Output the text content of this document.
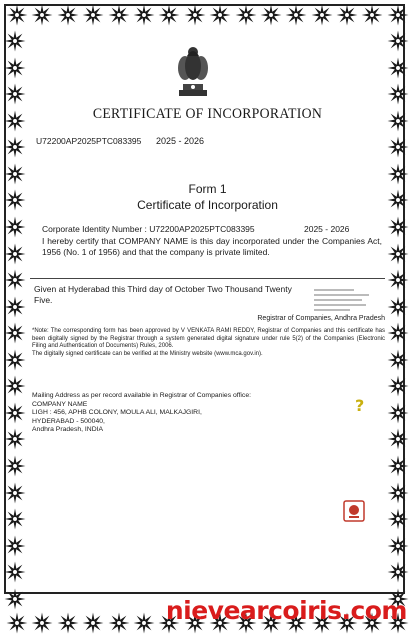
CERTIFICATE OF INCORPORATION
U72200AP2025PTC083395 2025 - 2026
Form 1
Certificate of Incorporation
Corporate Identity Number : U72200AP2025PTC083395	2025 - 2026
I hereby certify that COMPANY NAME is this day incorporated under the Companies Act, 1956 (No. 1 of 1956) and that the company is private limited.
Given at Hyderabad this Third day of October Two Thousand Twenty Five.
Registrar of Companies, Andhra Pradesh
*Note: The corresponding form has been approved by V VENKATA RAMI REDDY, Registrar of Companies and this certificate has been digitally signed by the Registrar through a system generated digital signature under rule 5(2) of the Companies (Electronic Filing and Authentication of Documents) Rules, 2006.
The digitally signed certificate can be verified at the Ministry website (www.mca.gov.in).
Mailing Address as per record available in Registrar of Companies office:
COMPANY NAME
LIGH : 456, APHB COLONY, MOULA ALI, MALKAJGIRI,
HYDERABAD - 500040,
Andhra Pradesh, INDIA
?
nievearcoiris.com
